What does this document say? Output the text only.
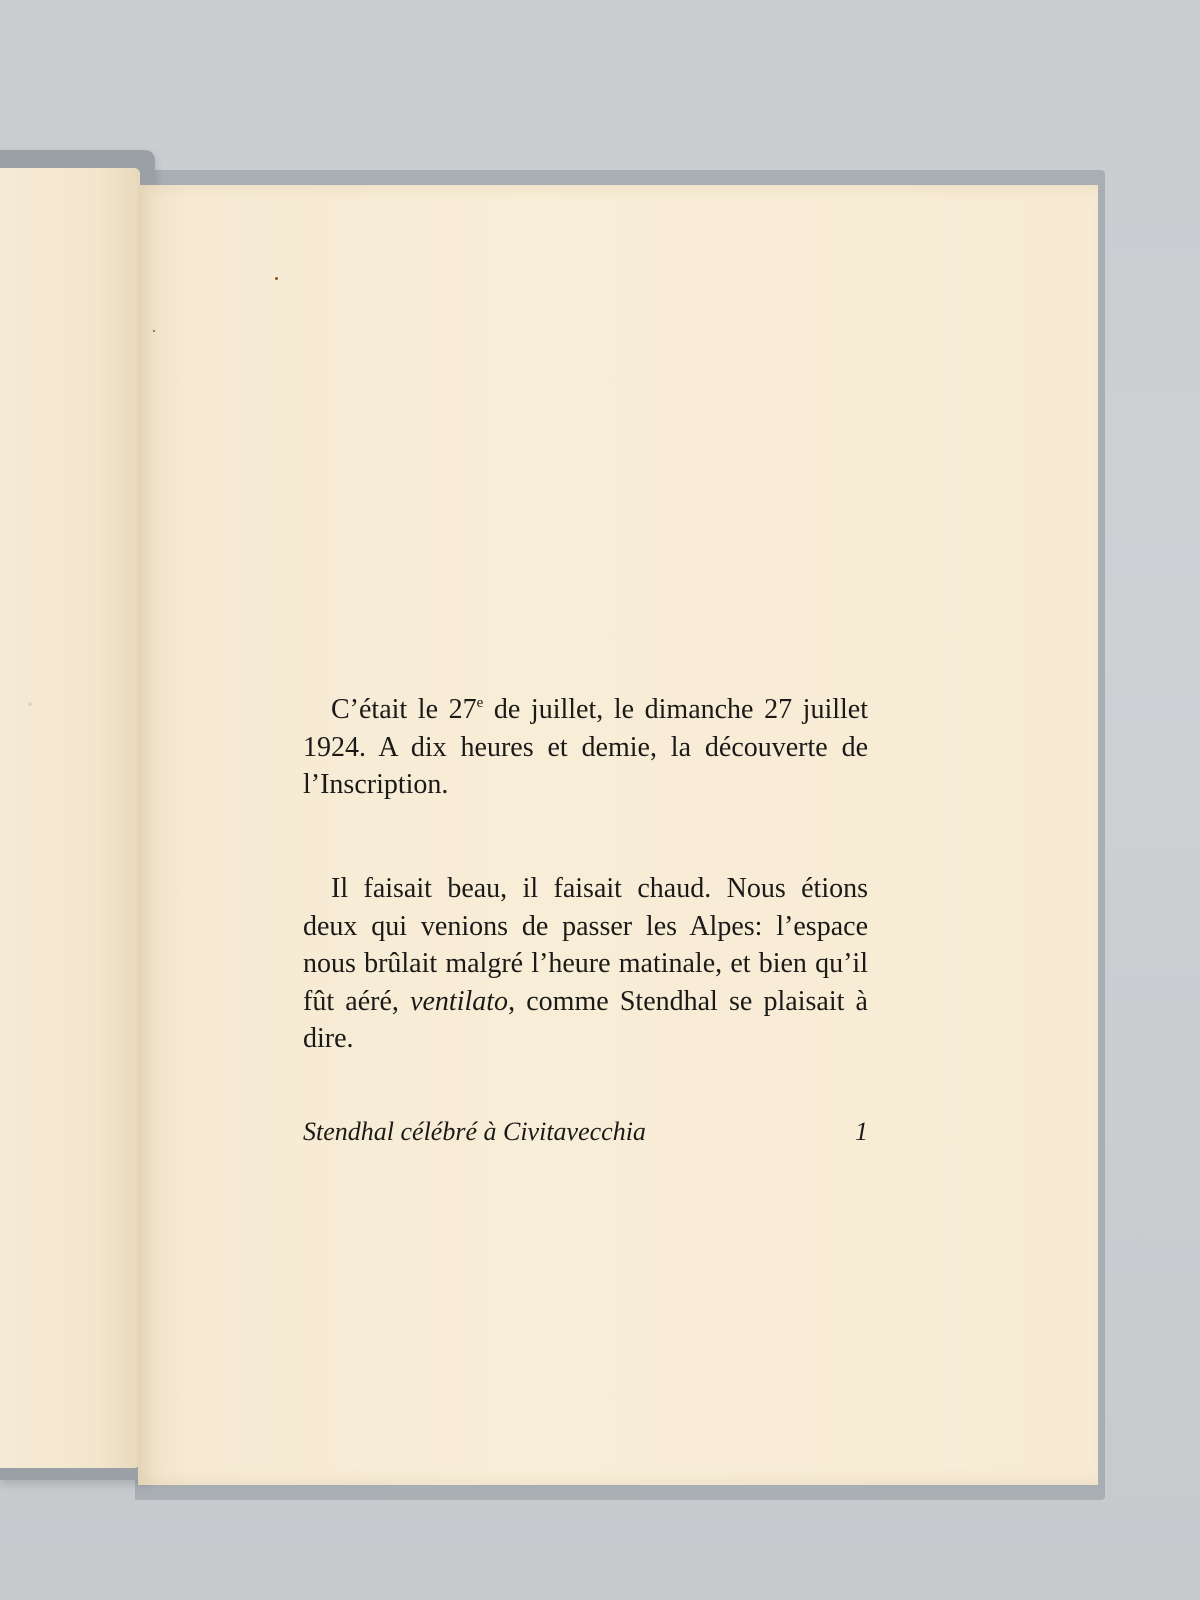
·	C’était le 27e de juillet, le dimanche 27 juillet 1924. A dix heures et demie, la découverte de l’Inscription.

Il faisait beau, il faisait chaud. Nous étions deux qui venions de passer les Alpes: l’espace nous brûlait malgré l’heure matinale, et bien qu’il fût aéré, ventilato, comme Stendhal se plaisait à dire.

Stendhal célébré à Civitavecchia	1
